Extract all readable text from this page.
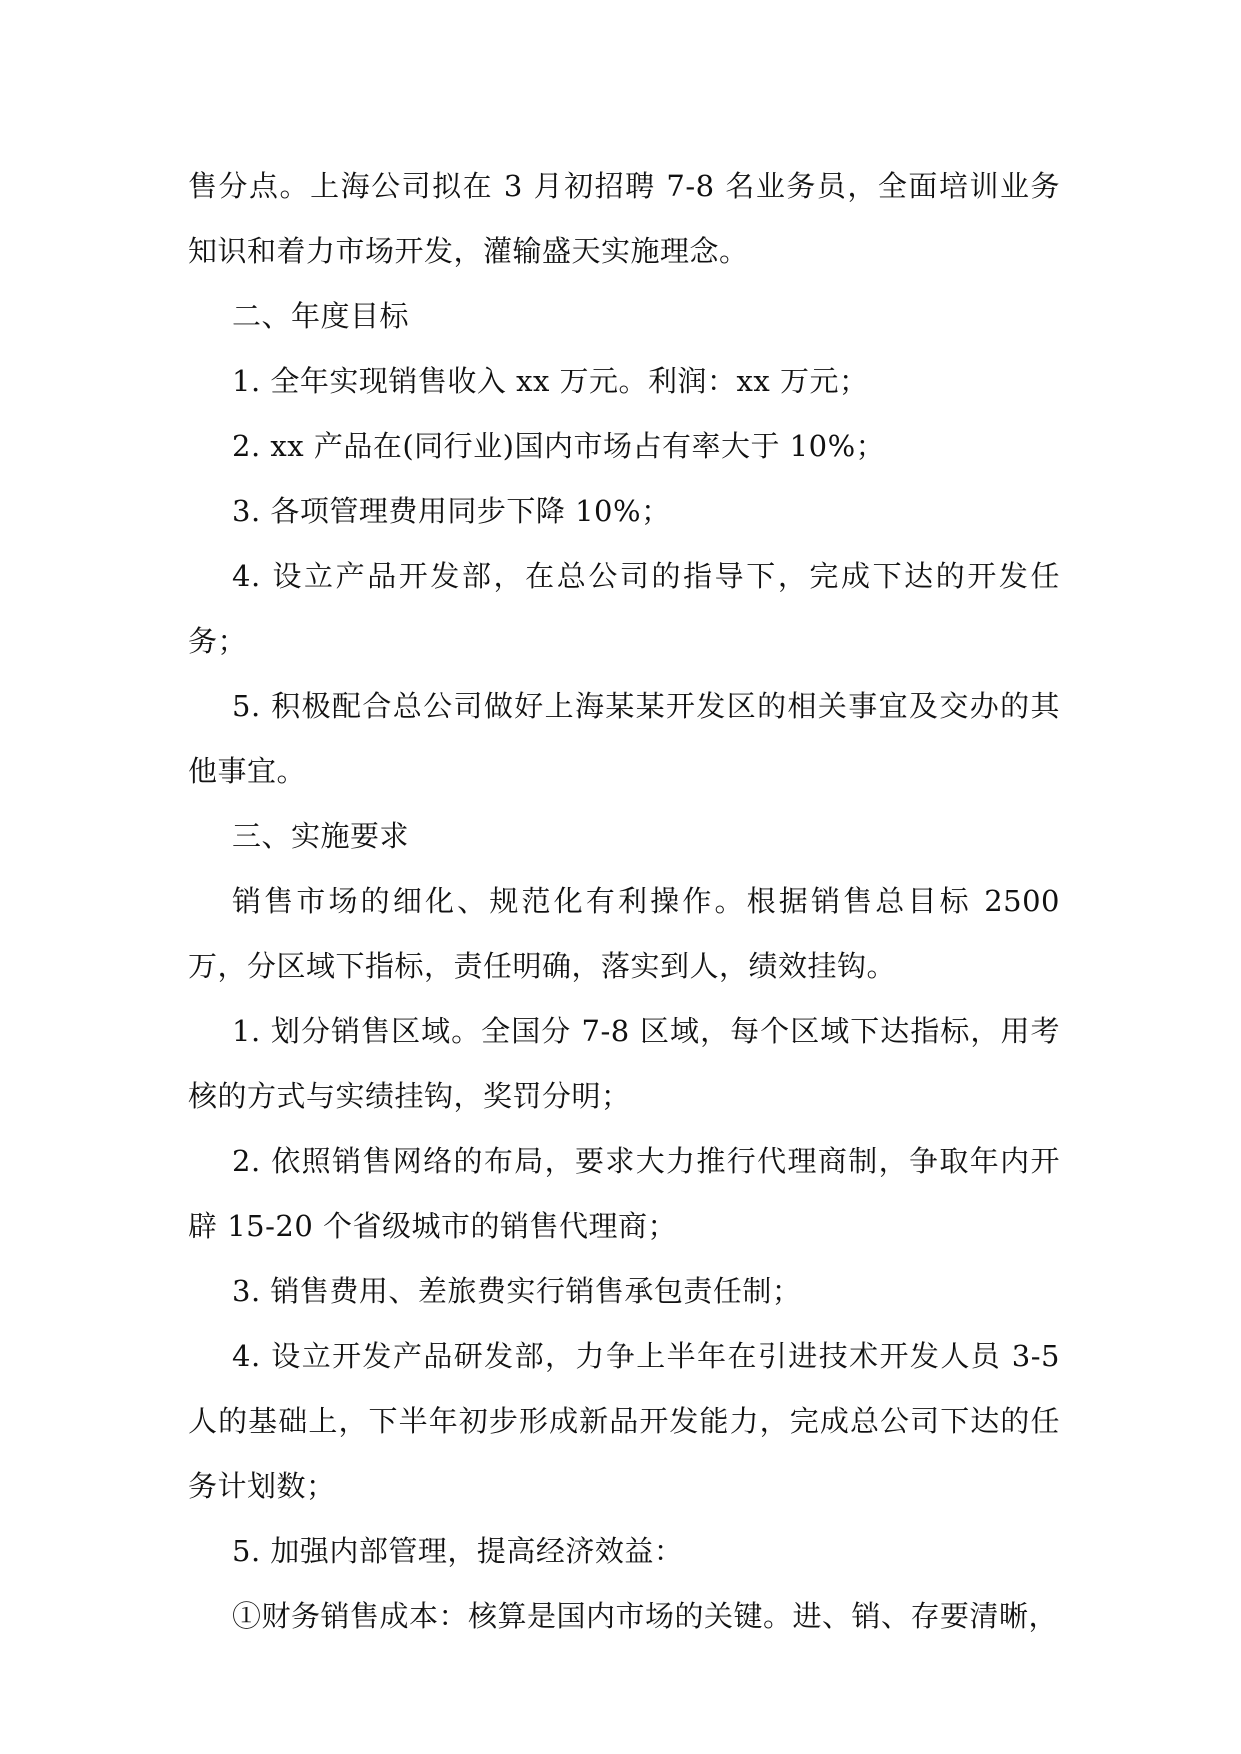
售分点。上海公司拟在 3 月初招聘 7-8 名业务员，全面培训业务知识和着力市场开发，灌输盛天实施理念。

二、年度目标

1. 全年实现销售收入 xx 万元。利润：xx 万元；

2. xx 产品在(同行业)国内市场占有率大于 10%；

3. 各项管理费用同步下降 10%；

4. 设立产品开发部，在总公司的指导下，完成下达的开发任务；

5. 积极配合总公司做好上海某某开发区的相关事宜及交办的其他事宜。

三、实施要求

销售市场的细化、规范化有利操作。根据销售总目标 2500 万，分区域下指标，责任明确，落实到人，绩效挂钩。

1. 划分销售区域。全国分 7-8 区域，每个区域下达指标，用考核的方式与实绩挂钩，奖罚分明；

2. 依照销售网络的布局，要求大力推行代理商制，争取年内开辟 15-20 个省级城市的销售代理商；

3. 销售费用、差旅费实行销售承包责任制；

4. 设立开发产品研发部，力争上半年在引进技术开发人员 3-5 人的基础上，下半年初步形成新品开发能力，完成总公司下达的任务计划数；

5. 加强内部管理，提高经济效益：

①财务销售成本：核算是国内市场的关键。进、销、存要清晰，
